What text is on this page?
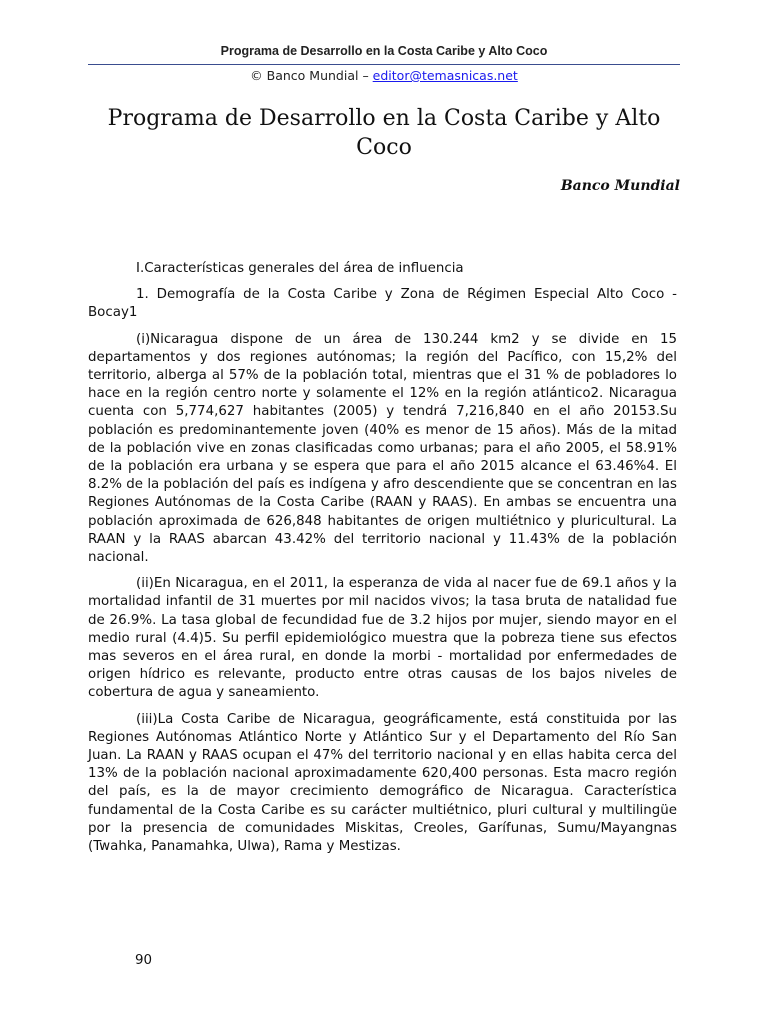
Programa de Desarrollo en la Costa Caribe y Alto Coco
© Banco Mundial – editor@temasnicas.net
Programa de Desarrollo en la Costa Caribe y Alto Coco
Banco Mundial

I.Características generales del área de influencia

1. Demografía de la Costa Caribe y Zona de Régimen Especial Alto Coco - Bocay1

(i)Nicaragua dispone de un área de 130.244 km2 y se divide en 15 departamentos y dos regiones autónomas; la región del Pacífico, con 15,2% del territorio, alberga al 57% de la población total, mientras que el 31 % de pobladores lo hace en la región centro norte y solamente el 12% en la región atlántico2. Nicaragua cuenta con 5,774,627 habitantes (2005) y tendrá 7,216,840 en el año 20153.Su población es predominantemente joven (40% es menor de 15 años). Más de la mitad de la población vive en zonas clasificadas como urbanas; para el año 2005, el 58.91% de la población era urbana y se espera que para el año 2015 alcance el 63.46%4. El 8.2% de la población del país es indígena y afro descendiente que se concentran en las Regiones Autónomas de la Costa Caribe (RAAN y RAAS). En ambas se encuentra una población aproximada de 626,848 habitantes de origen multiétnico y pluricultural. La RAAN y la RAAS abarcan 43.42% del territorio nacional y 11.43% de la población nacional.

(ii)En Nicaragua, en el 2011, la esperanza de vida al nacer fue de 69.1 años y la mortalidad infantil de 31 muertes por mil nacidos vivos; la tasa bruta de natalidad fue de 26.9%. La tasa global de fecundidad fue de 3.2 hijos por mujer, siendo mayor en el medio rural (4.4)5. Su perfil epidemiológico muestra que la pobreza tiene sus efectos mas severos en el área rural, en donde la morbi - mortalidad por enfermedades de origen hídrico es relevante, producto entre otras causas de los bajos niveles de cobertura de agua y saneamiento.

(iii)La Costa Caribe de Nicaragua, geográficamente, está constituida por las Regiones Autónomas Atlántico Norte y Atlántico Sur y el Departamento del Río San Juan. La RAAN y RAAS ocupan el 47% del territorio nacional y en ellas habita cerca del 13% de la población nacional aproximadamente 620,400 personas. Esta macro región del país, es la de mayor crecimiento demográfico de Nicaragua. Característica fundamental de la Costa Caribe es su carácter multiétnico, pluri cultural y multilingüe por la presencia de comunidades Miskitas, Creoles, Garífunas, Sumu/Mayangnas (Twahka, Panamahka, Ulwa), Rama y Mestizas.

90
